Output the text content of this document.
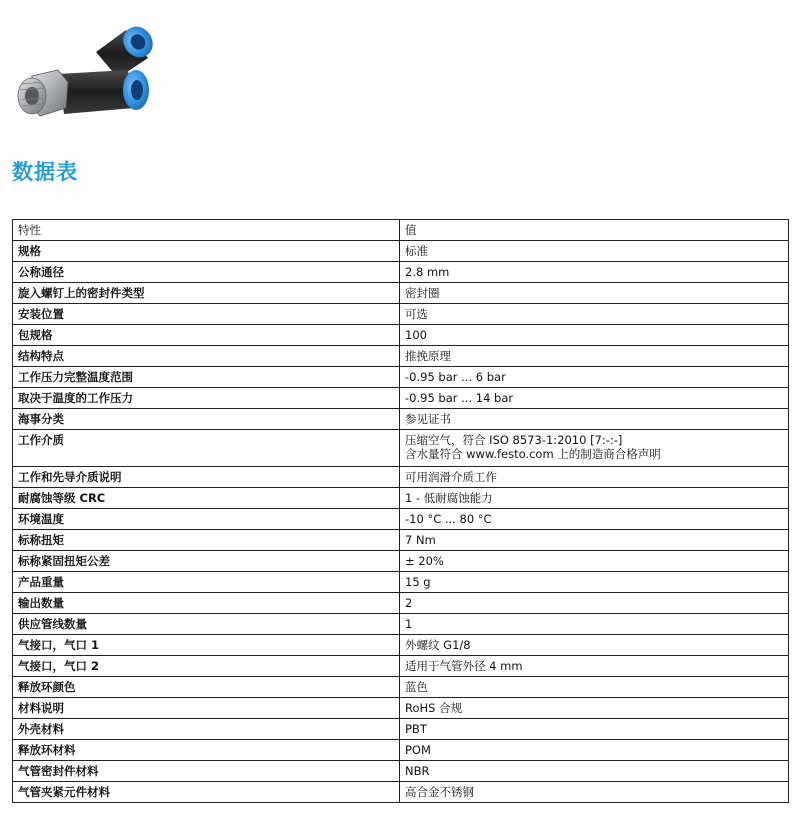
数据表
特性	值
规格	标准
公称通径	2.8 mm
旋入螺钉上的密封件类型	密封圈
安装位置	可选
包规格	100
结构特点	推挽原理
工作压力完整温度范围	-0.95 bar ... 6 bar
取决于温度的工作压力	-0.95 bar ... 14 bar
海事分类	参见证书
工作介质	压缩空气，符合 ISO 8573-1:2010 [7:-:-]
含水量符合 www.festo.com 上的制造商合格声明

工作和先导介质说明	可用润滑介质工作
耐腐蚀等级 CRC	1 - 低耐腐蚀能力
环境温度	-10 °C ... 80 °C
标称扭矩	7 Nm
标称紧固扭矩公差	± 20%
产品重量	15 g
输出数量	2
供应管线数量	1
气接口，气口 1	外螺纹 G1/8
气接口，气口 2	适用于气管外径 4 mm
释放环颜色	蓝色
材料说明	RoHS 合规
外壳材料	PBT
释放环材料	POM
气管密封件材料	NBR
气管夹紧元件材料	高合金不锈钢
